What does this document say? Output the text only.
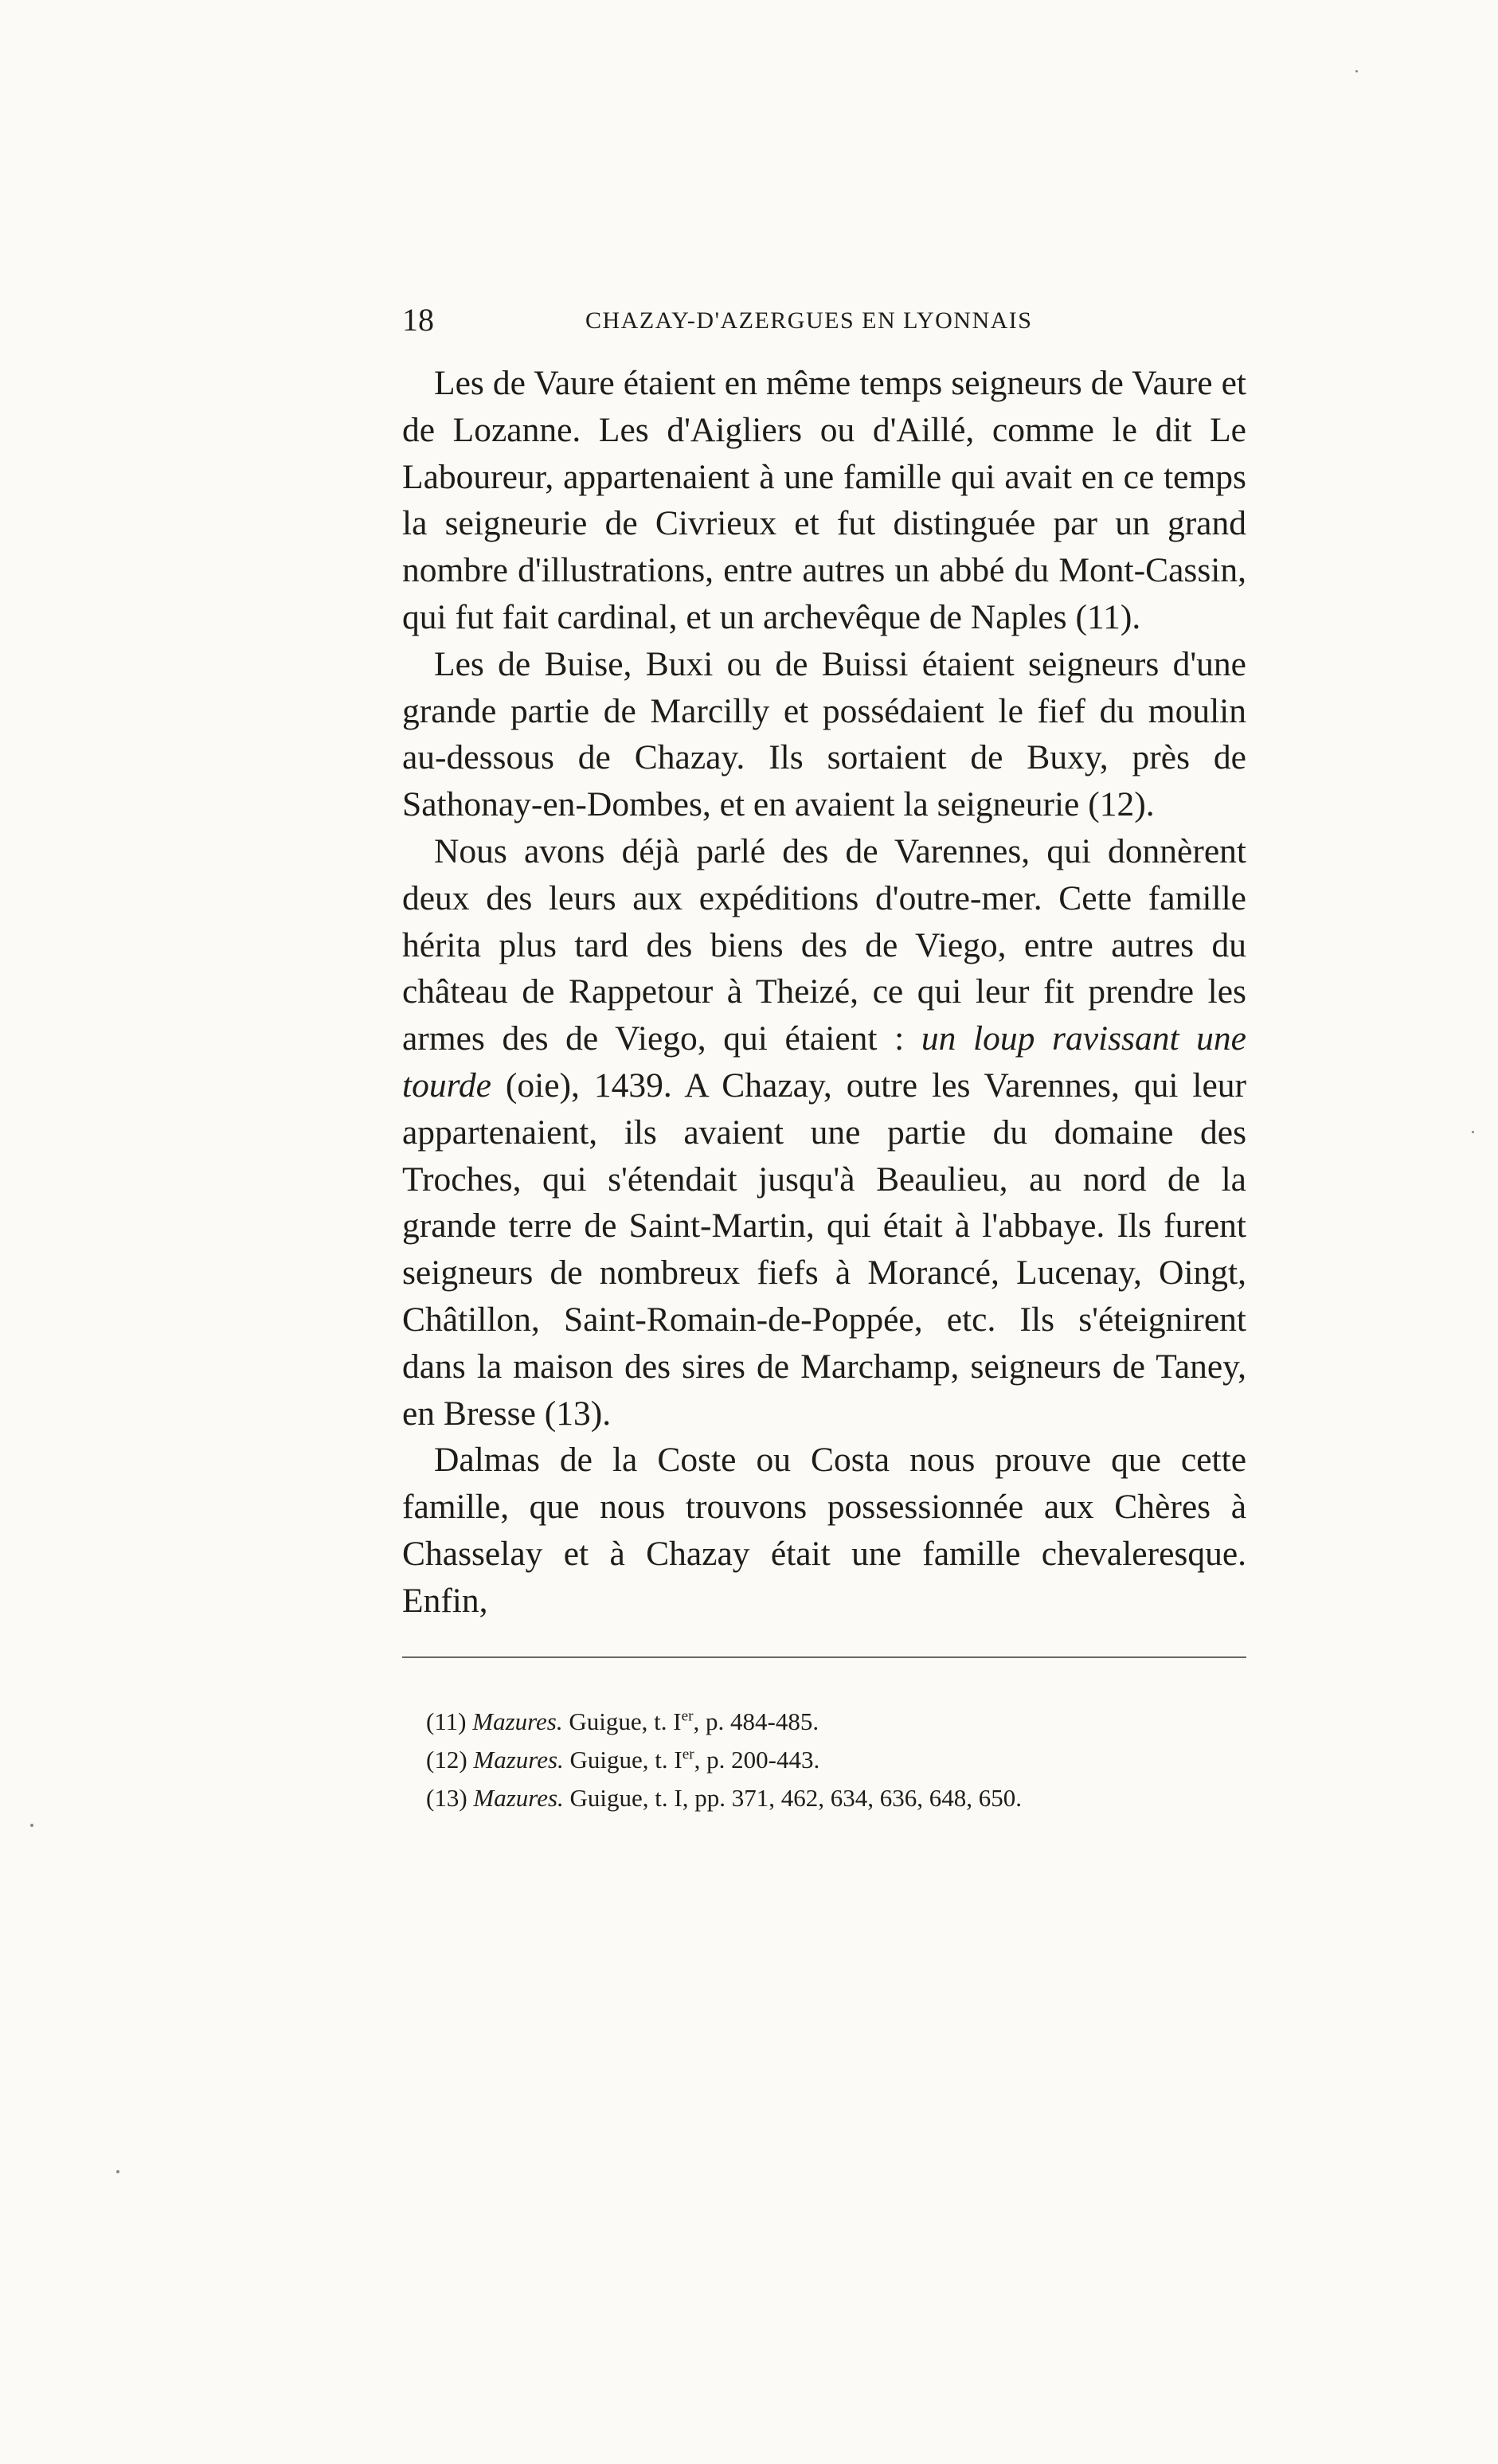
18	CHAZAY-D'AZERGUES EN LYONNAIS

Les de Vaure étaient en même temps seigneurs de Vaure et de Lozanne. Les d'Aigliers ou d'Aillé, comme le dit Le Laboureur, appartenaient à une famille qui avait en ce temps la seigneurie de Civrieux et fut distinguée par un grand nombre d'illustrations, entre autres un abbé du Mont-Cassin, qui fut fait cardinal, et un archevêque de Naples (11).

Les de Buise, Buxi ou de Buissi étaient seigneurs d'une grande partie de Marcilly et possédaient le fief du moulin au-dessous de Chazay. Ils sortaient de Buxy, près de Sathonay-en-Dombes, et en avaient la seigneurie (12).

Nous avons déjà parlé des de Varennes, qui donnèrent deux des leurs aux expéditions d'outre-mer. Cette famille hérita plus tard des biens des de Viego, entre autres du château de Rappetour à Theizé, ce qui leur fit prendre les armes des de Viego, qui étaient : un loup ravissant une tourde (oie), 1439. A Chazay, outre les Varennes, qui leur appartenaient, ils avaient une partie du domaine des Troches, qui s'étendait jusqu'à Beaulieu, au nord de la grande terre de Saint-Martin, qui était à l'abbaye. Ils furent seigneurs de nombreux fiefs à Morancé, Lucenay, Oingt, Châtillon, Saint-Romain-de-Poppée, etc. Ils s'éteignirent dans la maison des sires de Marchamp, seigneurs de Taney, en Bresse (13).

Dalmas de la Coste ou Costa nous prouve que cette famille, que nous trouvons possessionnée aux Chères à Chasselay et à Chazay était une famille chevaleresque. Enfin,

(11) Mazures. Guigue, t. Ier, p. 484-485.
(12) Mazures. Guigue, t. Ier, p. 200-443.
(13) Mazures. Guigue, t. I, pp. 371, 462, 634, 636, 648, 650.
